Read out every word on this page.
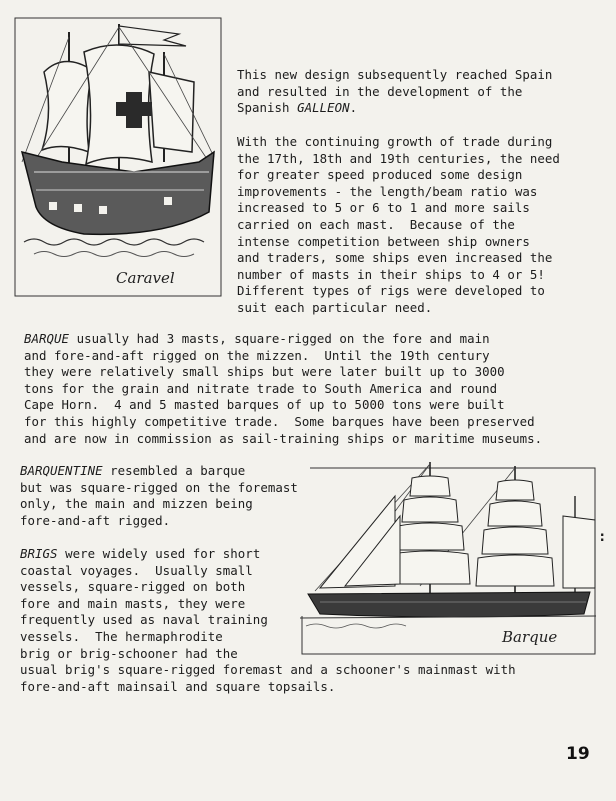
Caravel

This new design subsequently reached Spain
and resulted in the development of the
Spanish GALLEON.

With the continuing growth of trade during
the 17th, 18th and 19th centuries, the need
for greater speed produced some design
improvements - the length/beam ratio was
increased to 5 or 6 to 1 and more sails
carried on each mast.  Because of the
intense competition between ship owners
and traders, some ships even increased the
number of masts in their ships to 4 or 5!
Different types of rigs were developed to
suit each particular need.

BARQUE usually had 3 masts, square-rigged on the fore and main
and fore-and-aft rigged on the mizzen.  Until the 19th century
they were relatively small ships but were later built up to 3000
tons for the grain and nitrate trade to South America and round
Cape Horn.  4 and 5 masted barques of up to 5000 tons were built
for this highly competitive trade.  Some barques have been preserved
and are now in commission as sail-training ships or maritime museums.

Barque

BARQUENTINE resembled a barque
but was square-rigged on the foremast
only, the main and mizzen being
fore-and-aft rigged.

BRIGS were widely used for short
coastal voyages.  Usually small
vessels, square-rigged on both
fore and main masts, they were
frequently used as naval training
vessels.  The hermaphrodite
brig or brig-schooner had the
usual brig's square-rigged foremast and a schooner's mainmast with
fore-and-aft mainsail and square topsails.

:
19
